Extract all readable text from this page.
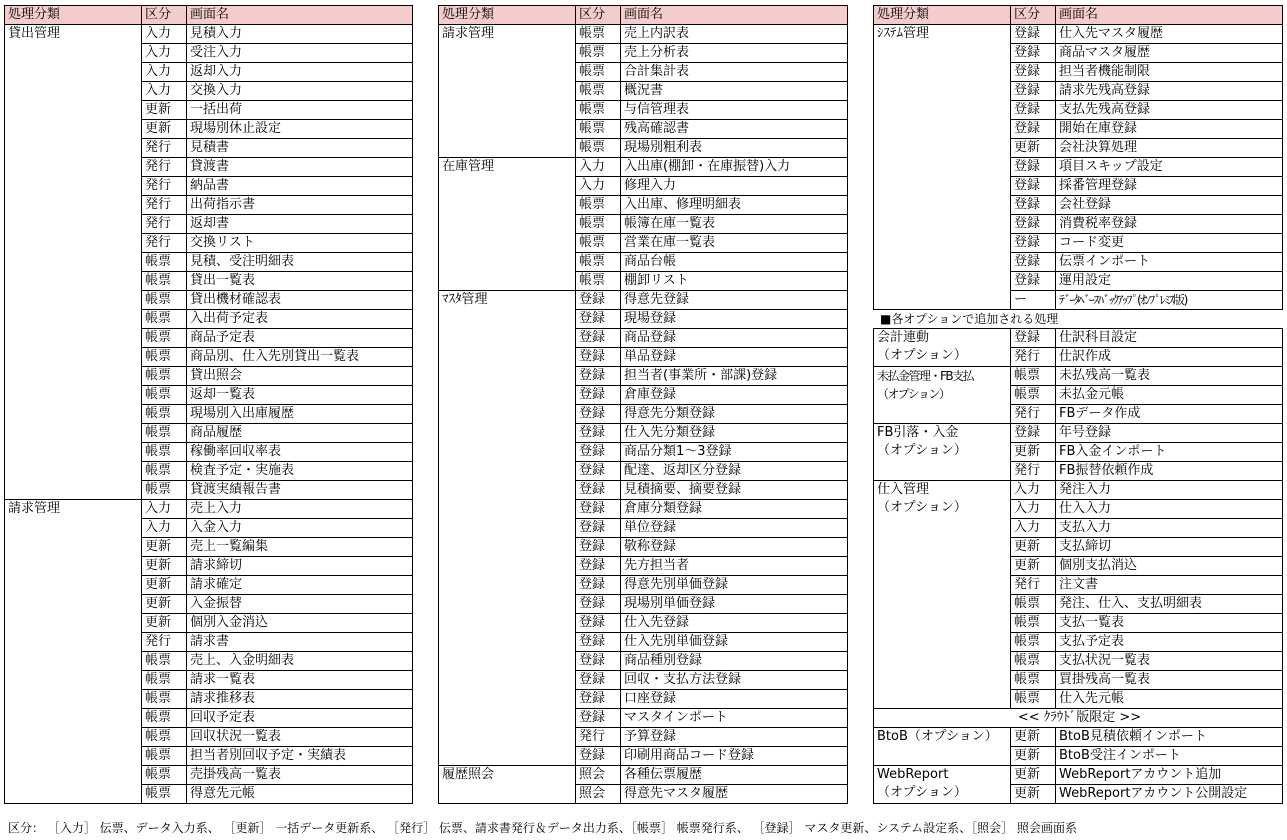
処理分類	区分	画面名

貸出管理	入力	見積入力
	入力	受注入力
	入力	返却入力
	入力	交換入力
	更新	一括出荷
	更新	現場別休止設定
	発行	見積書
	発行	貸渡書
	発行	納品書
	発行	出荷指示書
	発行	返却書
	発行	交換リスト
	帳票	見積、受注明細表
	帳票	貸出一覧表
	帳票	貸出機材確認表
	帳票	入出荷予定表
	帳票	商品予定表
	帳票	商品別、仕入先別貸出一覧表
	帳票	貸出照会
	帳票	返却一覧表
	帳票	現場別入出庫履歴
	帳票	商品履歴
	帳票	稼働率回収率表
	帳票	検査予定・実施表
	帳票	貸渡実績報告書

請求管理	入力	売上入力
	入力	入金入力
	更新	売上一覧編集
	更新	請求締切
	更新	請求確定
	更新	入金振替
	更新	個別入金消込
	発行	請求書
	帳票	売上、入金明細表
	帳票	請求一覧表
	帳票	請求推移表
	帳票	回収予定表
	帳票	回収状況一覧表
	帳票	担当者別回収予定・実績表
	帳票	売掛残高一覧表
	帳票	得意先元帳
処理分類	区分	画面名

請求管理	帳票	売上内訳表
	帳票	売上分析表
	帳票	合計集計表
	帳票	概況書
	帳票	与信管理表
	帳票	残高確認書
	帳票	現場別粗利表

在庫管理	入力	入出庫(棚卸・在庫振替)入力
	入力	修理入力
	帳票	入出庫、修理明細表
	帳票	帳簿在庫一覧表
	帳票	営業在庫一覧表
	帳票	商品台帳
	帳票	棚卸リスト

ﾏｽﾀ管理	登録	得意先登録
	登録	現場登録
	登録	商品登録
	登録	単品登録
	登録	担当者(事業所・部課)登録
	登録	倉庫登録
	登録	得意先分類登録
	登録	仕入先分類登録
	登録	商品分類1～3登録
	登録	配達、返却区分登録
	登録	見積摘要、摘要登録
	登録	倉庫分類登録
	登録	単位登録
	登録	敬称登録
	登録	先方担当者
	登録	得意先別単価登録
	登録	現場別単価登録
	登録	仕入先登録
	登録	仕入先別単価登録
	登録	商品種別登録
	登録	回収・支払方法登録
	登録	口座登録
	登録	マスタインポート
	発行	予算登録
	登録	印刷用商品コード登録

履歴照会	照会	各種伝票履歴
	照会	得意先マスタ履歴
処理分類	区分	画面名

ｼｽﾃﾑ管理	登録	仕入先マスタ履歴
	登録	商品マスタ履歴
	登録	担当者機能制限
	登録	請求先残高登録
	登録	支払先残高登録
	登録	開始在庫登録
	更新	会社決算処理
	登録	項目スキップ設定
	登録	採番管理登録
	登録	会社登録
	登録	消費税率登録
	登録	コード変更
	登録	伝票インポート
	登録	運用設定
	ー	ﾃﾞｰﾀﾍﾞｰｽﾊﾞｯｸｱｯﾌﾟ(ｵﾝﾌﾟﾚﾐｽ版)
■各オプションで追加される処理
会計連動
（オプション）	登録	仕訳科目設定
	発行	仕訳作成

未払金管理・FB支払
（オプション）	帳票	未払残高一覧表
	帳票	未払金元帳
	発行	FBデータ作成

FB引落・入金
（オプション）	登録	年号登録
	更新	FB入金インポート
	発行	FB振替依頼作成

仕入管理
（オプション）	入力	発注入力
	入力	仕入入力
	入力	支払入力
	更新	支払締切
	更新	個別支払消込
	発行	注文書
	帳票	発注、仕入、支払明細表
	帳票	支払一覧表
	帳票	支払予定表
	帳票	支払状況一覧表
	帳票	買掛残高一覧表
	帳票	仕入先元帳
<< ｸﾗｳﾄﾞ版限定 >>		

BtoB（オプション）	更新	BtoB見積依頼インポート
	更新	BtoB受注インポート

WebReport
（オプション）	更新	WebReportアカウント追加
	更新	WebReportアカウント公開設定
区分： ［入力］ 伝票、データ入力系、 ［更新］ 一括データ更新系、 ［発行］ 伝票、請求書発行＆データ出力系、［帳票］ 帳票発行系、 ［登録］ マスタ更新、システム設定系、［照会］ 照会画面系
